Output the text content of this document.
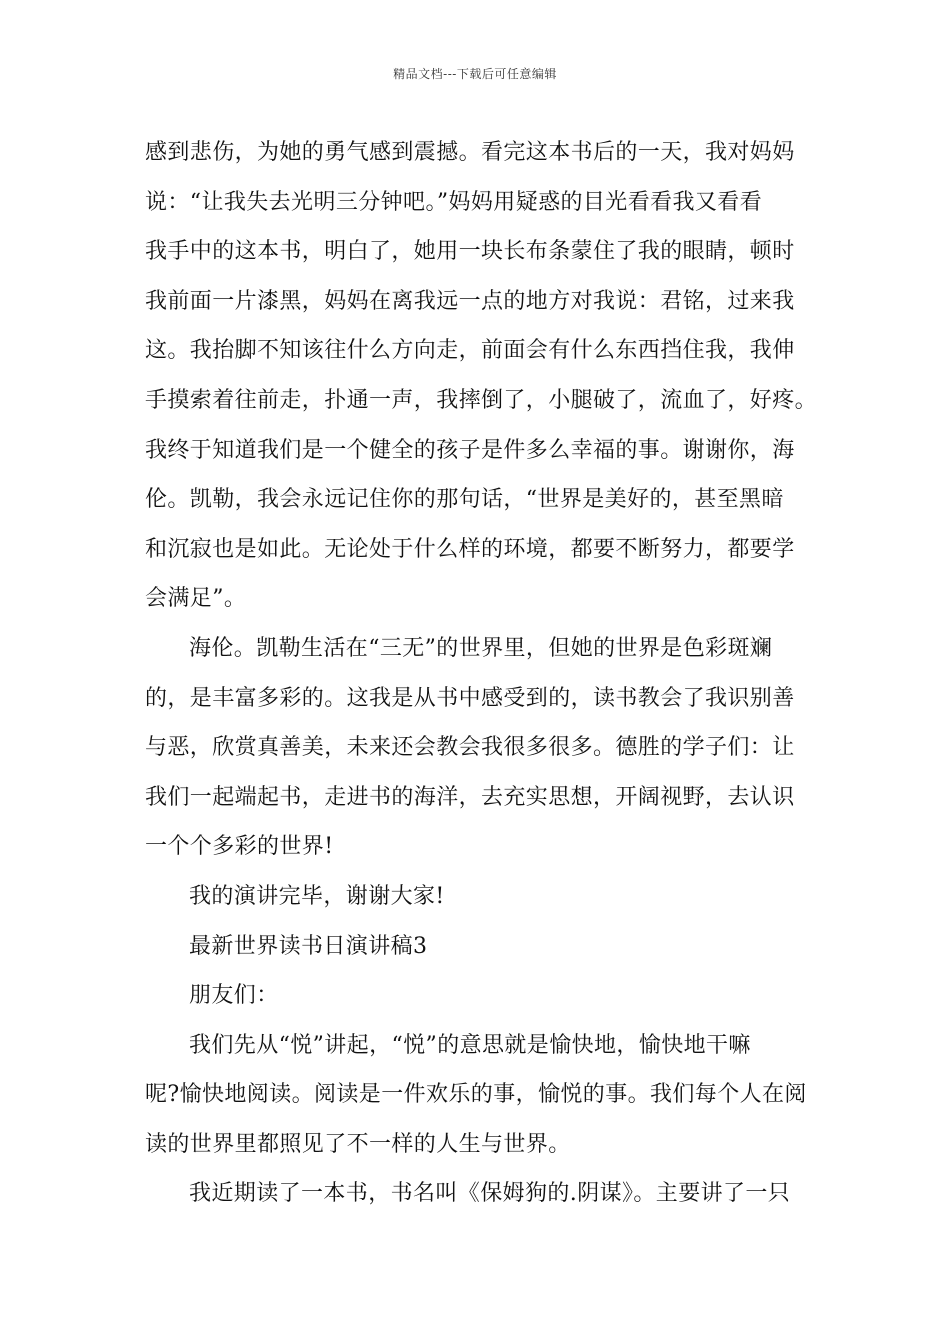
精品文档---下载后可任意编辑
感到悲伤，为她的勇气感到震撼。看完这本书后的一天，我对妈妈
说：“让我失去光明三分钟吧。”妈妈用疑惑的目光看看我又看看
我手中的这本书，明白了，她用一块长布条蒙住了我的眼睛，顿时
我前面一片漆黑，妈妈在离我远一点的地方对我说：君铭，过来我
这。我抬脚不知该往什么方向走，前面会有什么东西挡住我，我伸
手摸索着往前走，扑通一声，我摔倒了，小腿破了，流血了，好疼。
我终于知道我们是一个健全的孩子是件多么幸福的事。谢谢你，海
伦。凯勒，我会永远记住你的那句话，“世界是美好的，甚至黑暗
和沉寂也是如此。无论处于什么样的环境，都要不断努力，都要学
会满足”。
海伦。凯勒生活在“三无”的世界里，但她的世界是色彩斑斓
的，是丰富多彩的。这我是从书中感受到的，读书教会了我识别善
与恶，欣赏真善美，未来还会教会我很多很多。德胜的学子们：让
我们一起端起书，走进书的海洋，去充实思想，开阔视野，去认识
一个个多彩的世界!
我的演讲完毕，谢谢大家!
最新世界读书日演讲稿3
朋友们：
我们先从“悦”讲起，“悦”的意思就是愉快地，愉快地干嘛
呢?愉快地阅读。阅读是一件欢乐的事，愉悦的事。我们每个人在阅
读的世界里都照见了不一样的人生与世界。
我近期读了一本书，书名叫《保姆狗的.阴谋》。主要讲了一只
